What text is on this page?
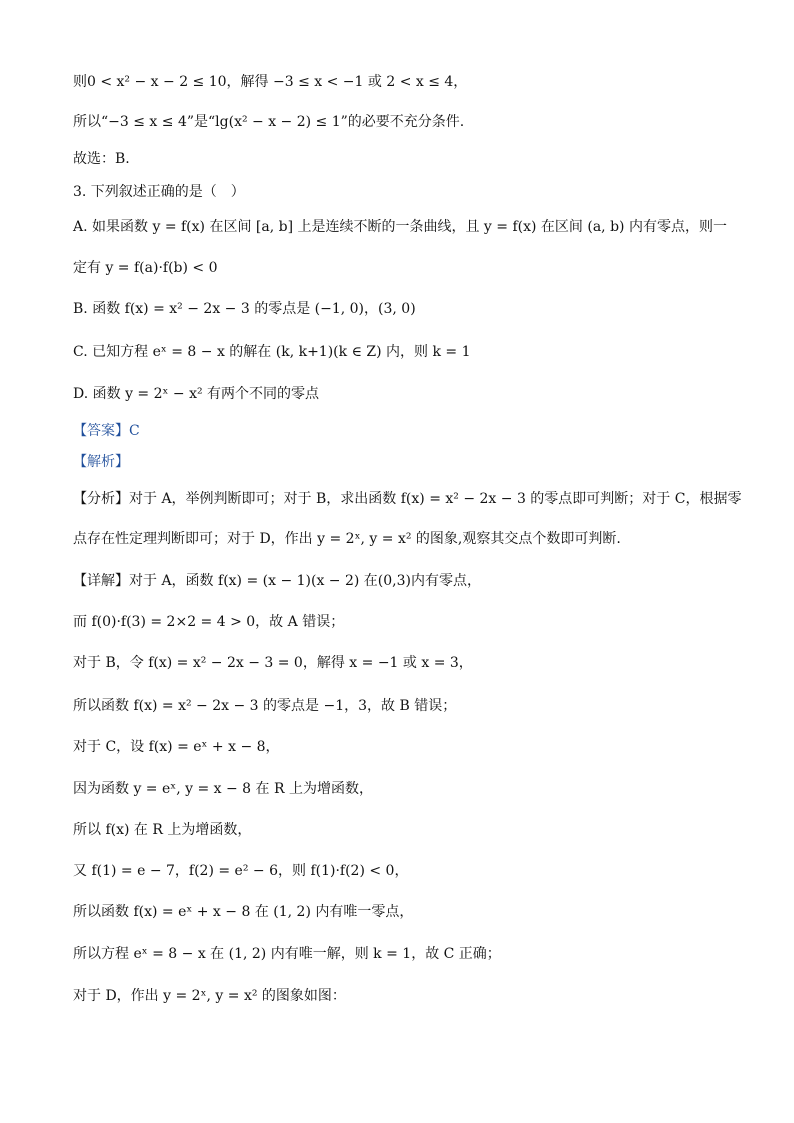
则0 < x² − x − 2 ≤ 10，解得 −3 ≤ x < −1 或 2 < x ≤ 4，
所以“−3 ≤ x ≤ 4”是“lg(x² − x − 2) ≤ 1”的必要不充分条件.
故选：B.
3. 下列叙述正确的是（　）
A. 如果函数 y = f(x) 在区间 [a, b] 上是连续不断的一条曲线，且 y = f(x) 在区间 (a, b) 内有零点，则一
定有 y = f(a)·f(b) < 0
B. 函数 f(x) = x² − 2x − 3 的零点是 (−1, 0)，(3, 0)
C. 已知方程 eˣ = 8 − x 的解在 (k, k+1)(k ∈ Z) 内，则 k = 1
D. 函数 y = 2ˣ − x² 有两个不同的零点
【答案】C
【解析】
【分析】对于 A，举例判断即可；对于 B，求出函数 f(x) = x² − 2x − 3 的零点即可判断；对于 C，根据零
点存在性定理判断即可；对于 D，作出 y = 2ˣ, y = x² 的图象,观察其交点个数即可判断.
【详解】对于 A，函数 f(x) = (x − 1)(x − 2) 在(0,3)内有零点，
而 f(0)·f(3) = 2×2 = 4 > 0，故 A 错误；
对于 B，令 f(x) = x² − 2x − 3 = 0，解得 x = −1 或 x = 3，
所以函数 f(x) = x² − 2x − 3 的零点是 −1，3，故 B 错误；
对于 C，设 f(x) = eˣ + x − 8，
因为函数 y = eˣ, y = x − 8 在 R 上为增函数，
所以 f(x) 在 R 上为增函数，
又 f(1) = e − 7，f(2) = e² − 6，则 f(1)·f(2) < 0，
所以函数 f(x) = eˣ + x − 8 在 (1, 2) 内有唯一零点，
所以方程 eˣ = 8 − x 在 (1, 2) 内有唯一解，则 k = 1，故 C 正确；
对于 D，作出 y = 2ˣ, y = x² 的图象如图：
